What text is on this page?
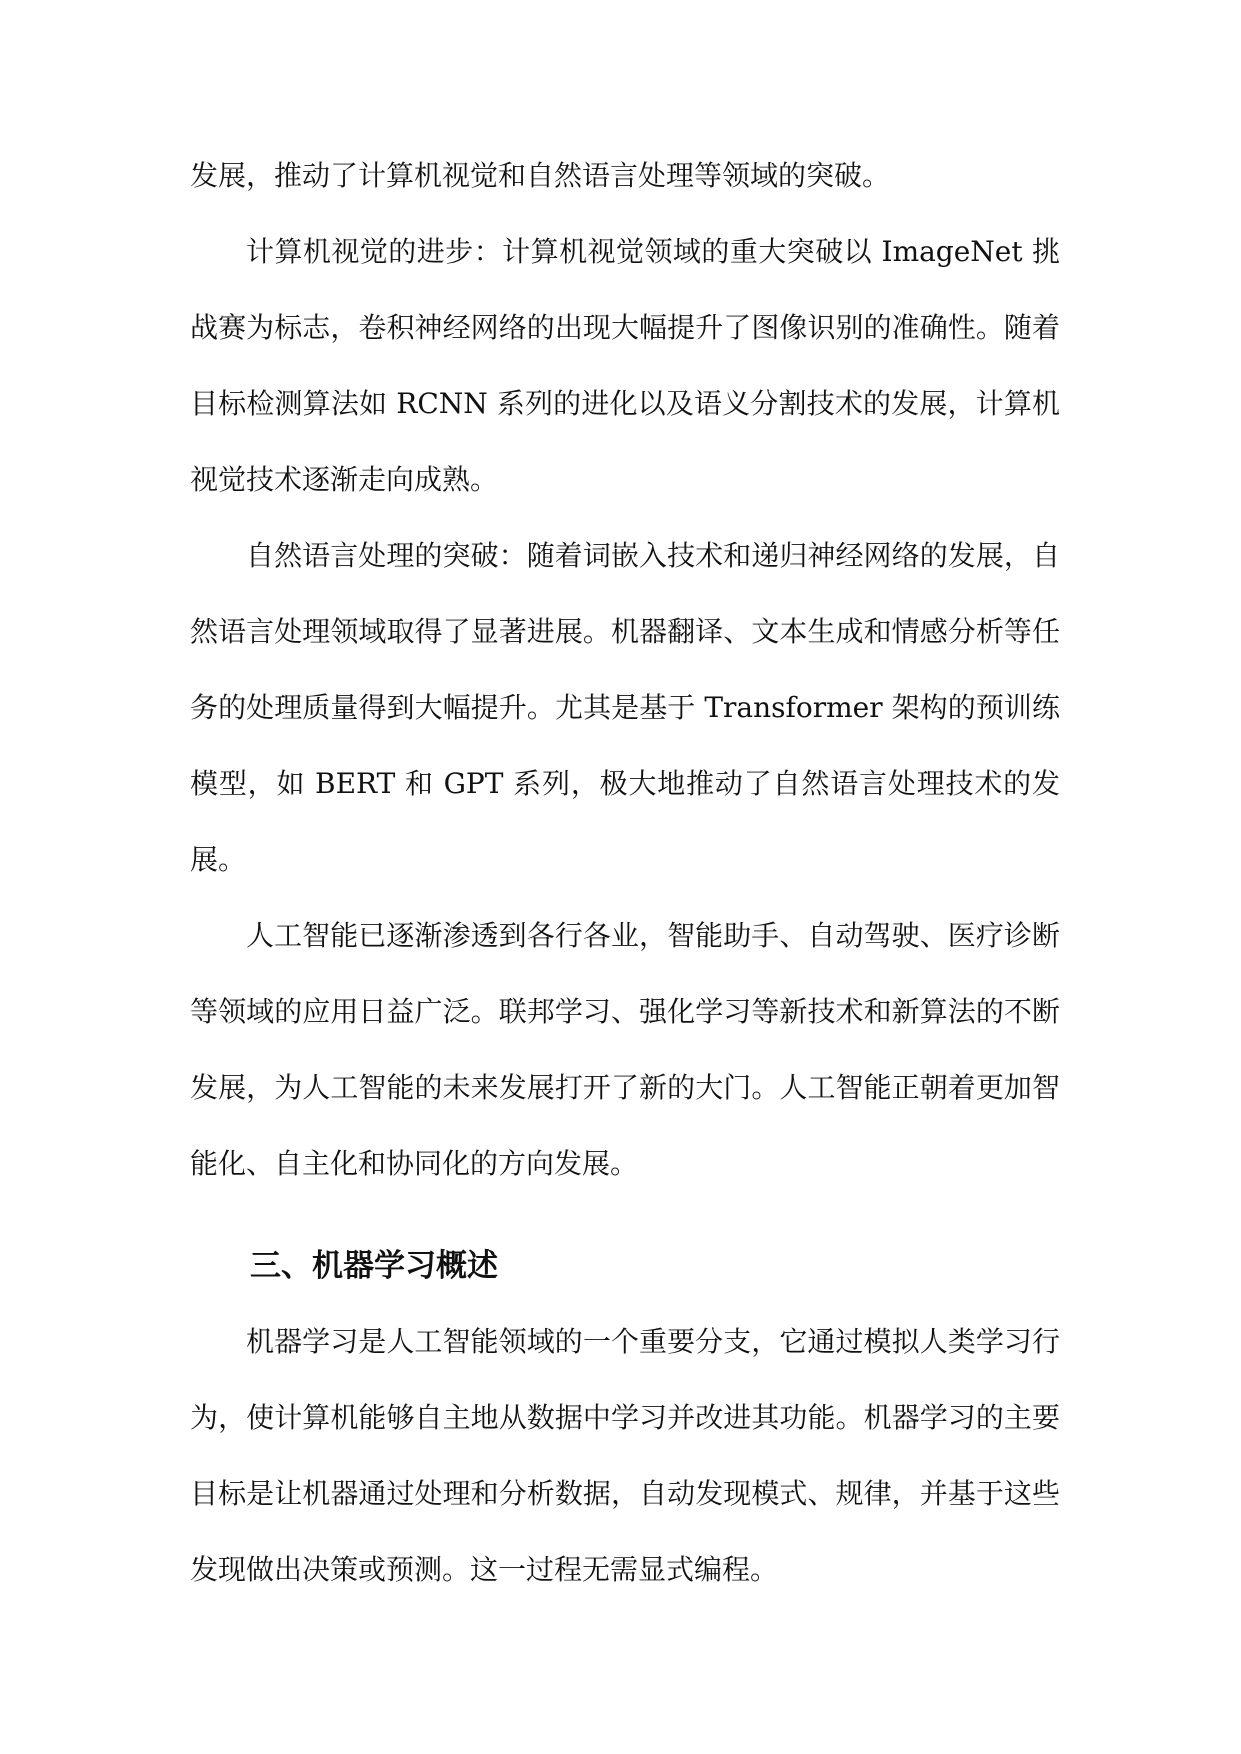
发展，推动了计算机视觉和自然语言处理等领域的突破。

计算机视觉的进步：计算机视觉领域的重大突破以 ImageNet 挑战赛为标志，卷积神经网络的出现大幅提升了图像识别的准确性。随着目标检测算法如 RCNN 系列的进化以及语义分割技术的发展，计算机视觉技术逐渐走向成熟。

自然语言处理的突破：随着词嵌入技术和递归神经网络的发展，自然语言处理领域取得了显著进展。机器翻译、文本生成和情感分析等任务的处理质量得到大幅提升。尤其是基于 Transformer 架构的预训练模型，如 BERT 和 GPT 系列，极大地推动了自然语言处理技术的发展。

人工智能已逐渐渗透到各行各业，智能助手、自动驾驶、医疗诊断等领域的应用日益广泛。联邦学习、强化学习等新技术和新算法的不断发展，为人工智能的未来发展打开了新的大门。人工智能正朝着更加智能化、自主化和协同化的方向发展。

三、机器学习概述

机器学习是人工智能领域的一个重要分支，它通过模拟人类学习行为，使计算机能够自主地从数据中学习并改进其功能。机器学习的主要目标是让机器通过处理和分析数据，自动发现模式、规律，并基于这些发现做出决策或预测。这一过程无需显式编程。
